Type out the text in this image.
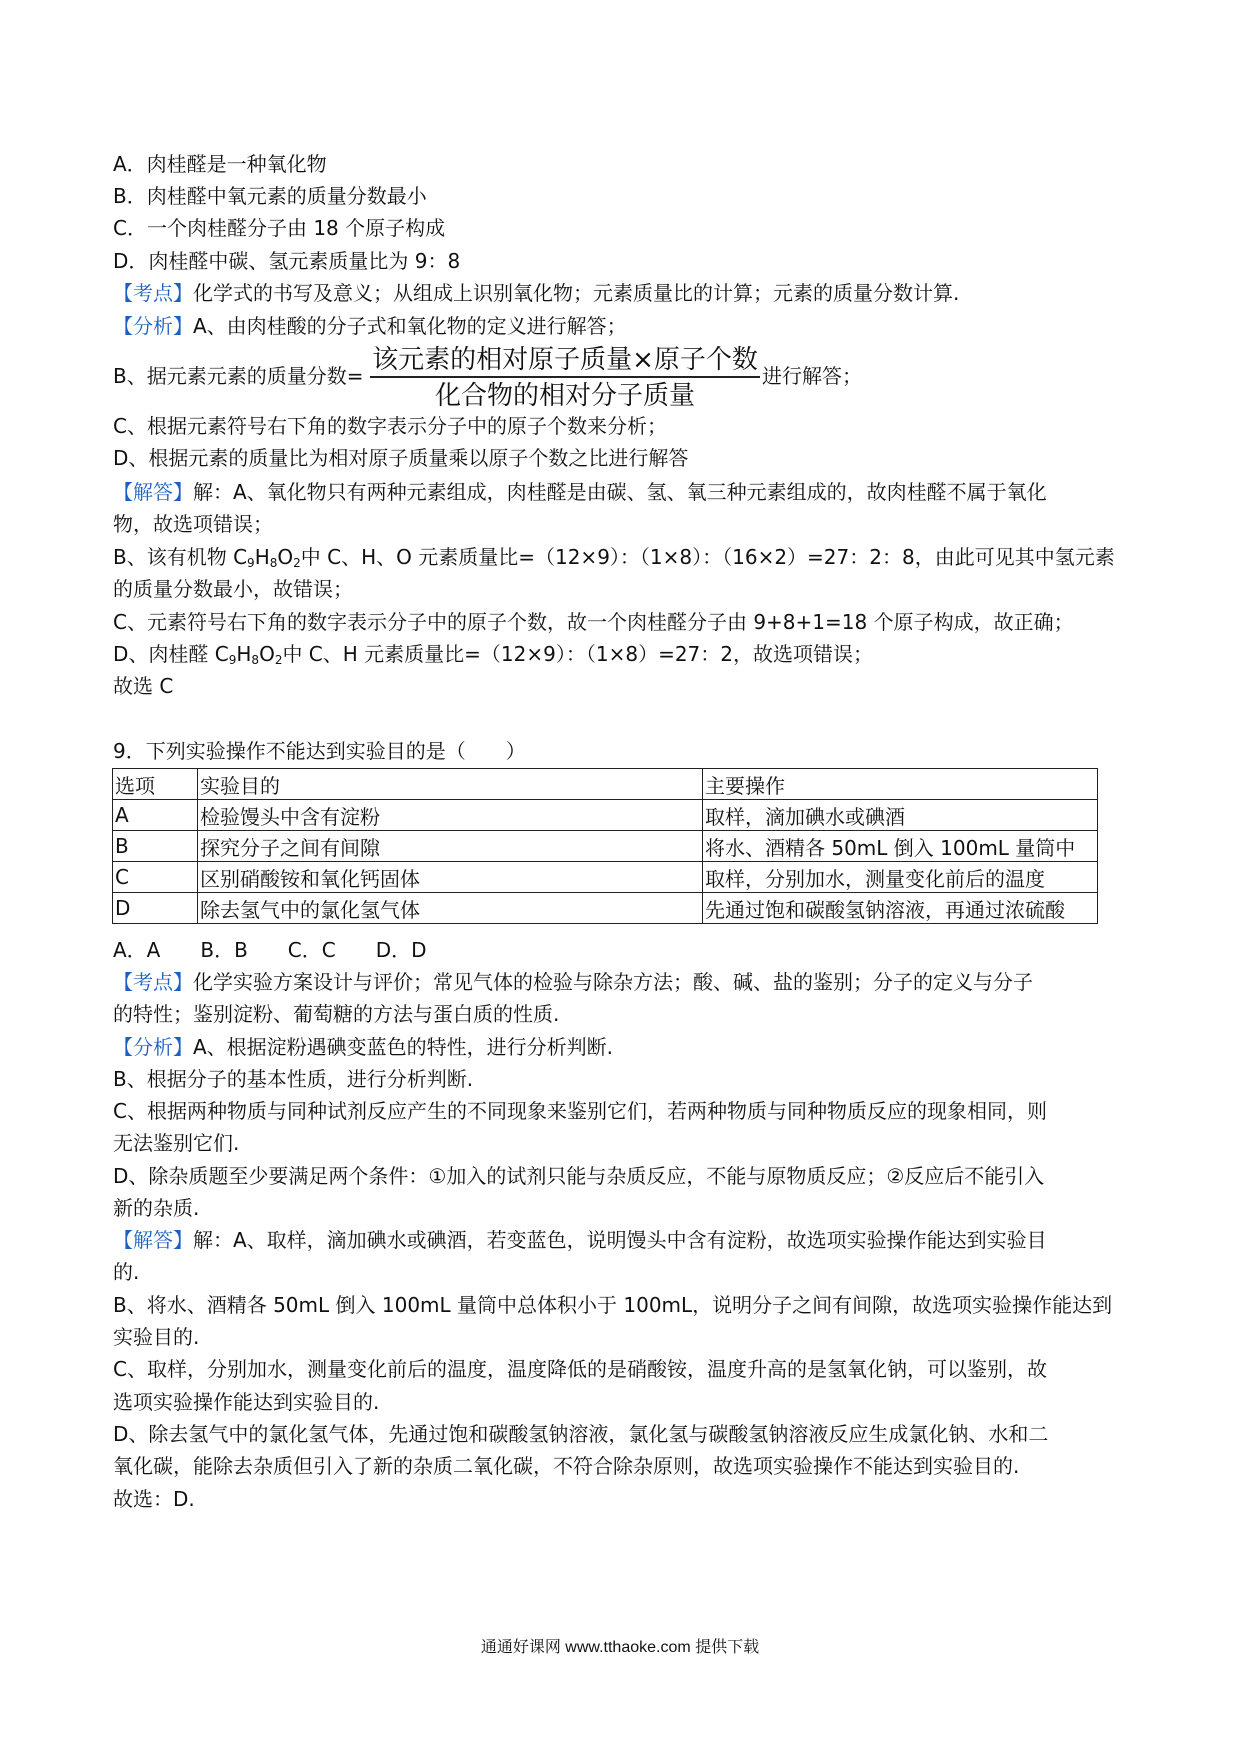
A．肉桂醛是一种氧化物
B．肉桂醛中氧元素的质量分数最小
C．一个肉桂醛分子由 18 个原子构成
D．肉桂醛中碳、氢元素质量比为 9：8
【考点】化学式的书写及意义；从组成上识别氧化物；元素质量比的计算；元素的质量分数计算.
【分析】A、由肉桂酸的分子式和氧化物的定义进行解答；
B、据元素元素的质量分数=
该元素的相对原子质量×原子个数
化合物的相对分子质量
进行解答；
C、根据元素符号右下角的数字表示分子中的原子个数来分析；
D、根据元素的质量比为相对原子质量乘以原子个数之比进行解答
【解答】解：A、氧化物只有两种元素组成，肉桂醛是由碳、氢、氧三种元素组成的，故肉桂醛不属于氧化
物，故选项错误；
B、该有机物 $C_9H_8O_2$中 C、H、O 元素质量比=（12×9）：（1×8）：（16×2）=27：2：8，由此可见其中氢元素
的质量分数最小，故错误；
C、元素符号右下角的数字表示分子中的原子个数，故一个肉桂醛分子由 9+8+1=18 个原子构成，故正确；
D、肉桂醛 $C_9H_8O_2$中 C、H 元素质量比=（12×9）：（1×8）=27：2，故选项错误；
故选 C
9．下列实验操作不能达到实验目的是（　　）
选项	实验目的	主要操作
A	检验馒头中含有淀粉	取样，滴加碘水或碘酒
B	探究分子之间有间隙	将水、酒精各 50mL 倒入 100mL 量筒中
C	区别硝酸铵和氧化钙固体	取样，分别加水，测量变化前后的温度
D	除去氢气中的氯化氢气体	先通过饱和碳酸氢钠溶液，再通过浓硫酸
A．A　　B．B　　C．C　　D．D
【考点】化学实验方案设计与评价；常见气体的检验与除杂方法；酸、碱、盐的鉴别；分子的定义与分子
的特性；鉴别淀粉、葡萄糖的方法与蛋白质的性质.
【分析】A、根据淀粉遇碘变蓝色的特性，进行分析判断.
B、根据分子的基本性质，进行分析判断.
C、根据两种物质与同种试剂反应产生的不同现象来鉴别它们，若两种物质与同种物质反应的现象相同，则
无法鉴别它们.
D、除杂质题至少要满足两个条件：①加入的试剂只能与杂质反应，不能与原物质反应；②反应后不能引入
新的杂质.
【解答】解：A、取样，滴加碘水或碘酒，若变蓝色，说明馒头中含有淀粉，故选项实验操作能达到实验目
的.
B、将水、酒精各 50mL 倒入 100mL 量筒中总体积小于 100mL，说明分子之间有间隙，故选项实验操作能达到
实验目的.
C、取样，分别加水，测量变化前后的温度，温度降低的是硝酸铵，温度升高的是氢氧化钠，可以鉴别，故
选项实验操作能达到实验目的.
D、除去氢气中的氯化氢气体，先通过饱和碳酸氢钠溶液，氯化氢与碳酸氢钠溶液反应生成氯化钠、水和二
氧化碳，能除去杂质但引入了新的杂质二氧化碳，不符合除杂原则，故选项实验操作不能达到实验目的.
故选：D.
通通好课网 www.tthaoke.com 提供下载
